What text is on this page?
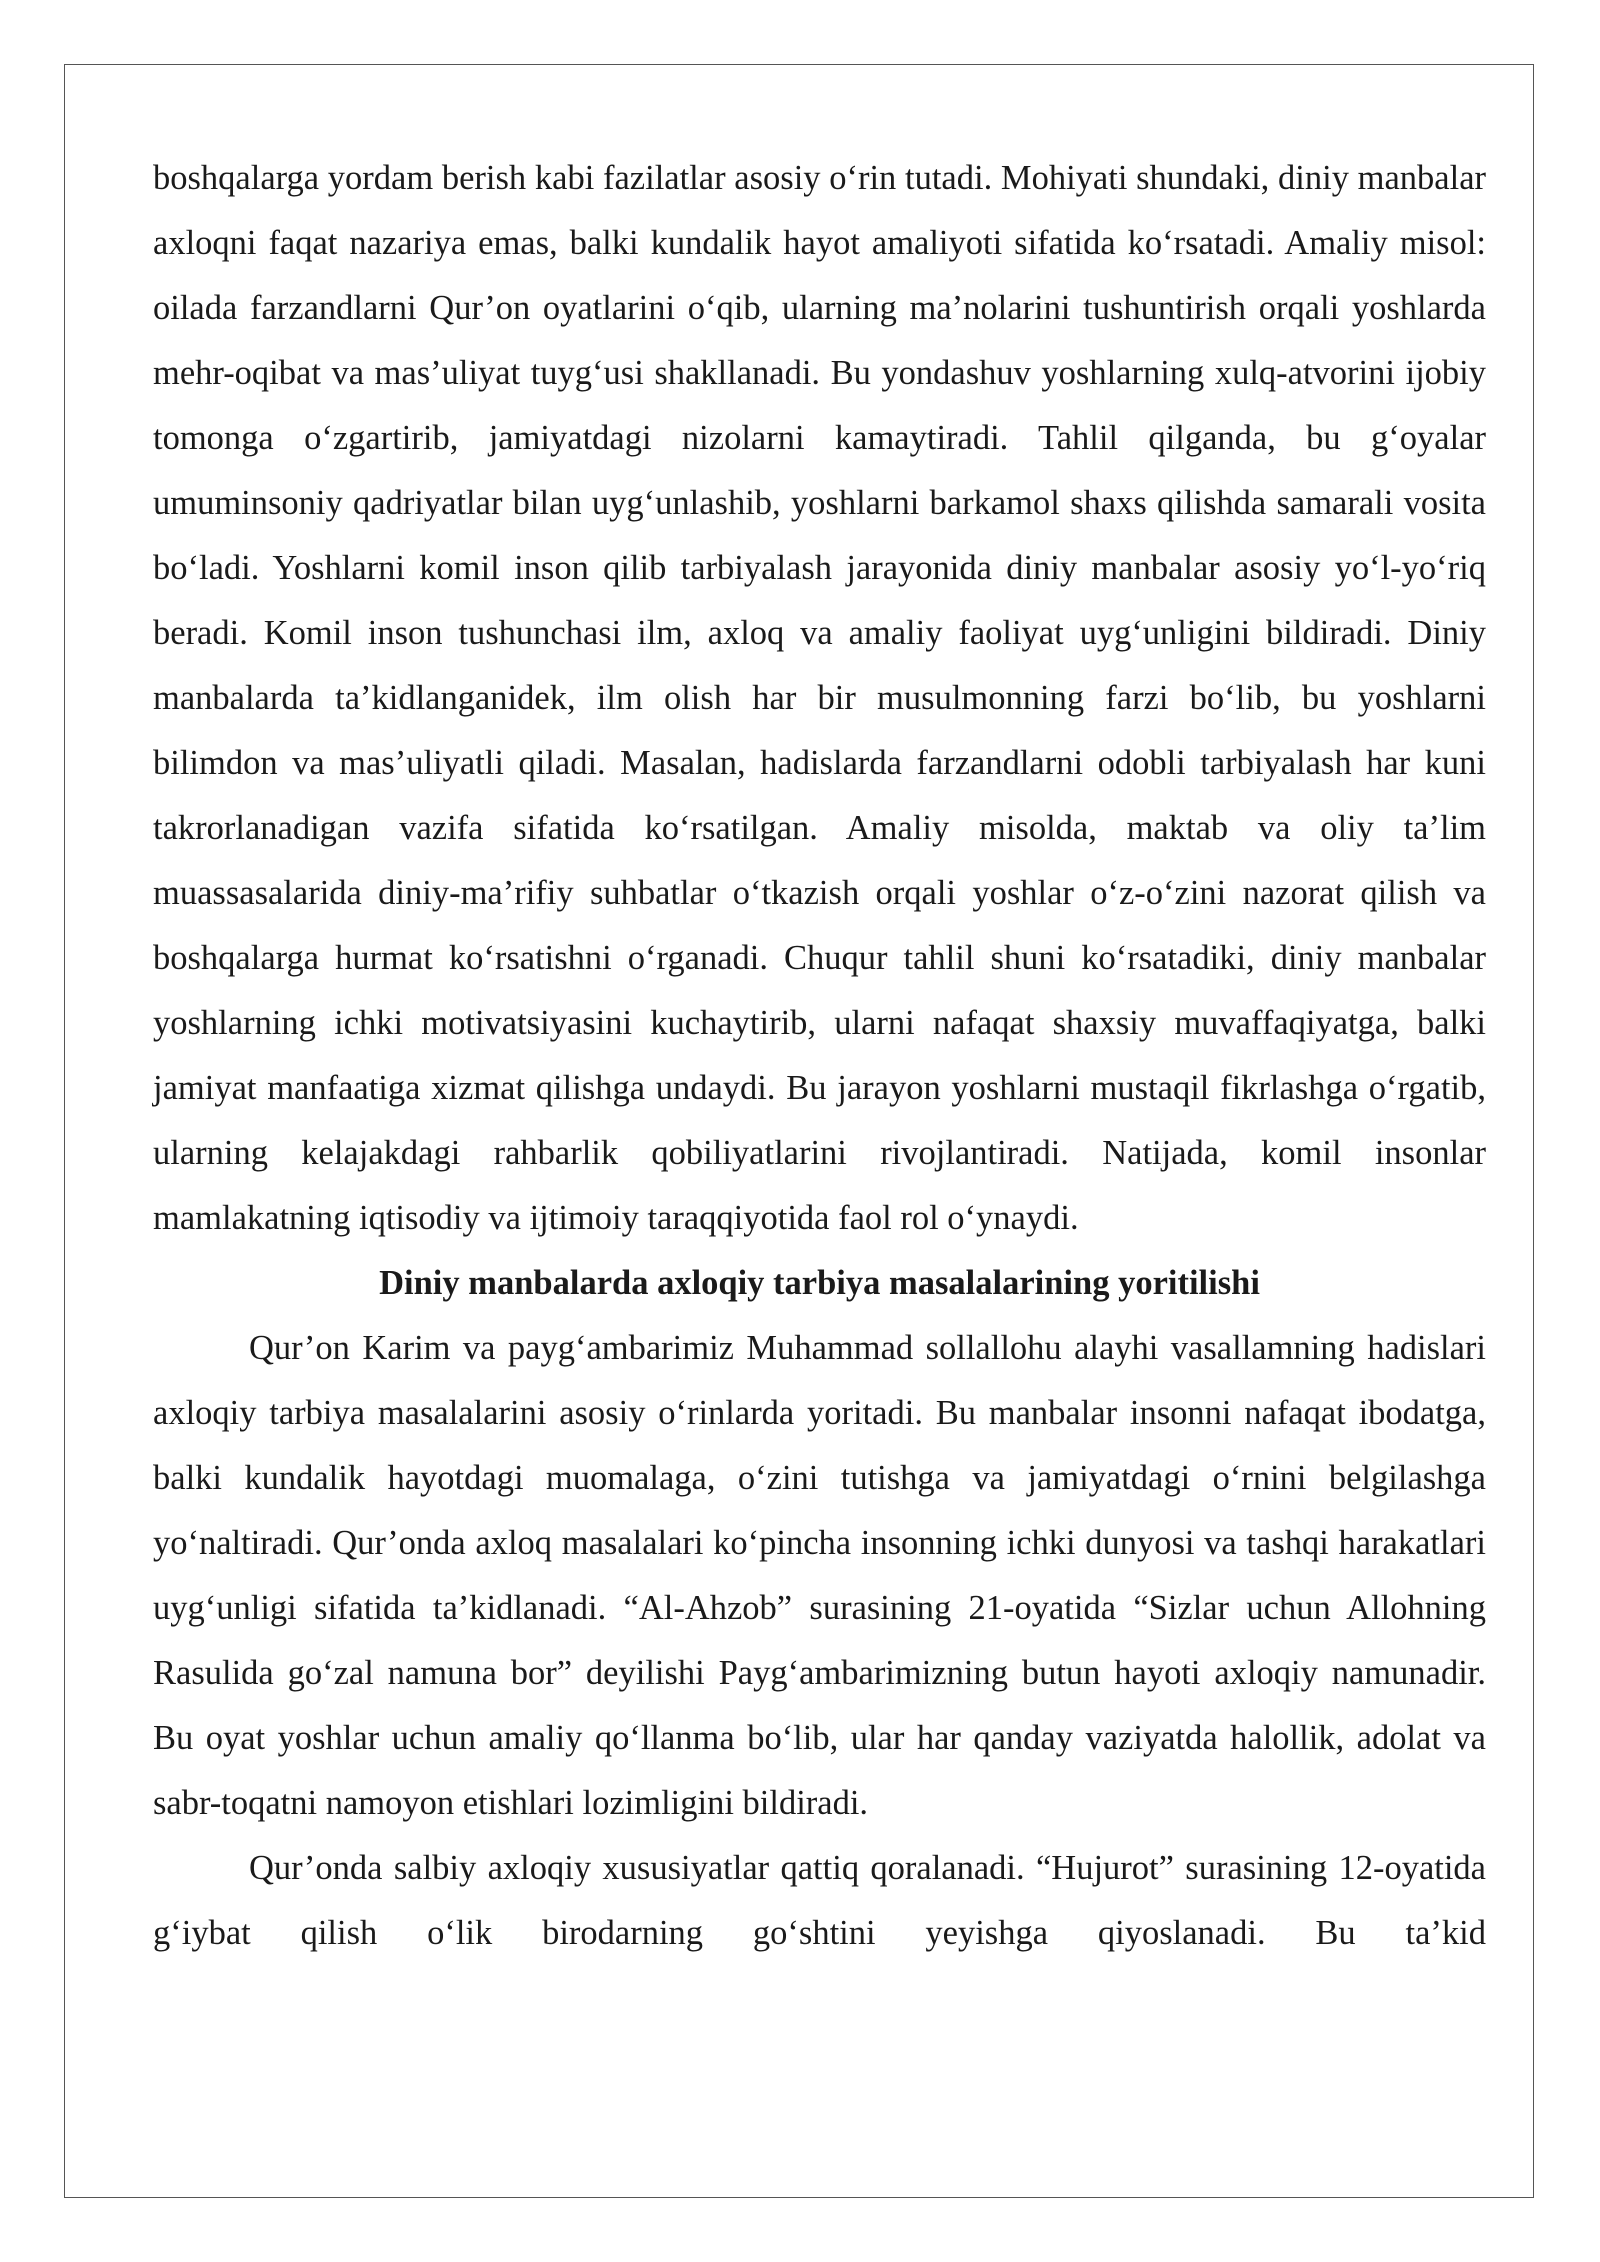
boshqalarga yordam berish kabi fazilatlar asosiy o‘rin tutadi. Mohiyati shundaki, diniy manbalar axloqni faqat nazariya emas, balki kundalik hayot amaliyoti sifatida ko‘rsatadi. Amaliy misol: oilada farzandlarni Qur’on oyatlarini o‘qib, ularning ma’nolarini tushuntirish orqali yoshlarda mehr-oqibat va mas’uliyat tuyg‘usi shakllanadi. Bu yondashuv yoshlarning xulq-atvorini ijobiy tomonga o‘zgartirib, jamiyatdagi nizolarni kamaytiradi. Tahlil qilganda, bu g‘oyalar umuminsoniy qadriyatlar bilan uyg‘unlashib, yoshlarni barkamol shaxs qilishda samarali vosita bo‘ladi. Yoshlarni komil inson qilib tarbiyalash jarayonida diniy manbalar asosiy yo‘l-yo‘riq beradi. Komil inson tushunchasi ilm, axloq va amaliy faoliyat uyg‘unligini bildiradi. Diniy manbalarda ta’kidlanganidek, ilm olish har bir musulmonning farzi bo‘lib, bu yoshlarni bilimdon va mas’uliyatli qiladi. Masalan, hadislarda farzandlarni odobli tarbiyalash har kuni takrorlanadigan vazifa sifatida ko‘rsatilgan. Amaliy misolda, maktab va oliy ta’lim muassasalarida diniy-ma’rifiy suhbatlar o‘tkazish orqali yoshlar o‘z-o‘zini nazorat qilish va boshqalarga hurmat ko‘rsatishni o‘rganadi. Chuqur tahlil shuni ko‘rsatadiki, diniy manbalar yoshlarning ichki motivatsiyasini kuchaytirib, ularni nafaqat shaxsiy muvaffaqiyatga, balki jamiyat manfaatiga xizmat qilishga undaydi. Bu jarayon yoshlarni mustaqil fikrlashga o‘rgatib, ularning kelajakdagi rahbarlik qobiliyatlarini rivojlantiradi. Natijada, komil insonlar mamlakatning iqtisodiy va ijtimoiy taraqqiyotida faol rol o‘ynaydi.

Diniy manbalarda axloqiy tarbiya masalalarining yoritilishi

Qur’on Karim va payg‘ambarimiz Muhammad sollallohu alayhi vasallamning hadislari axloqiy tarbiya masalalarini asosiy o‘rinlarda yoritadi. Bu manbalar insonni nafaqat ibodatga, balki kundalik hayotdagi muomalaga, o‘zini tutishga va jamiyatdagi o‘rnini belgilashga yo‘naltiradi. Qur’onda axloq masalalari ko‘pincha insonning ichki dunyosi va tashqi harakatlari uyg‘unligi sifatida ta’kidlanadi. “Al-Ahzob” surasining 21-oyatida “Sizlar uchun Allohning Rasulida go‘zal namuna bor” deyilishi Payg‘ambarimizning butun hayoti axloqiy namunadir. Bu oyat yoshlar uchun amaliy qo‘llanma bo‘lib, ular har qanday vaziyatda halollik, adolat va sabr-toqatni namoyon etishlari lozimligini bildiradi.

Qur’onda salbiy axloqiy xususiyatlar qattiq qoralanadi. “Hujurot” surasining 12-oyatida g‘iybat qilish o‘lik birodarning go‘shtini yeyishga qiyoslanadi. Bu ta’kid
